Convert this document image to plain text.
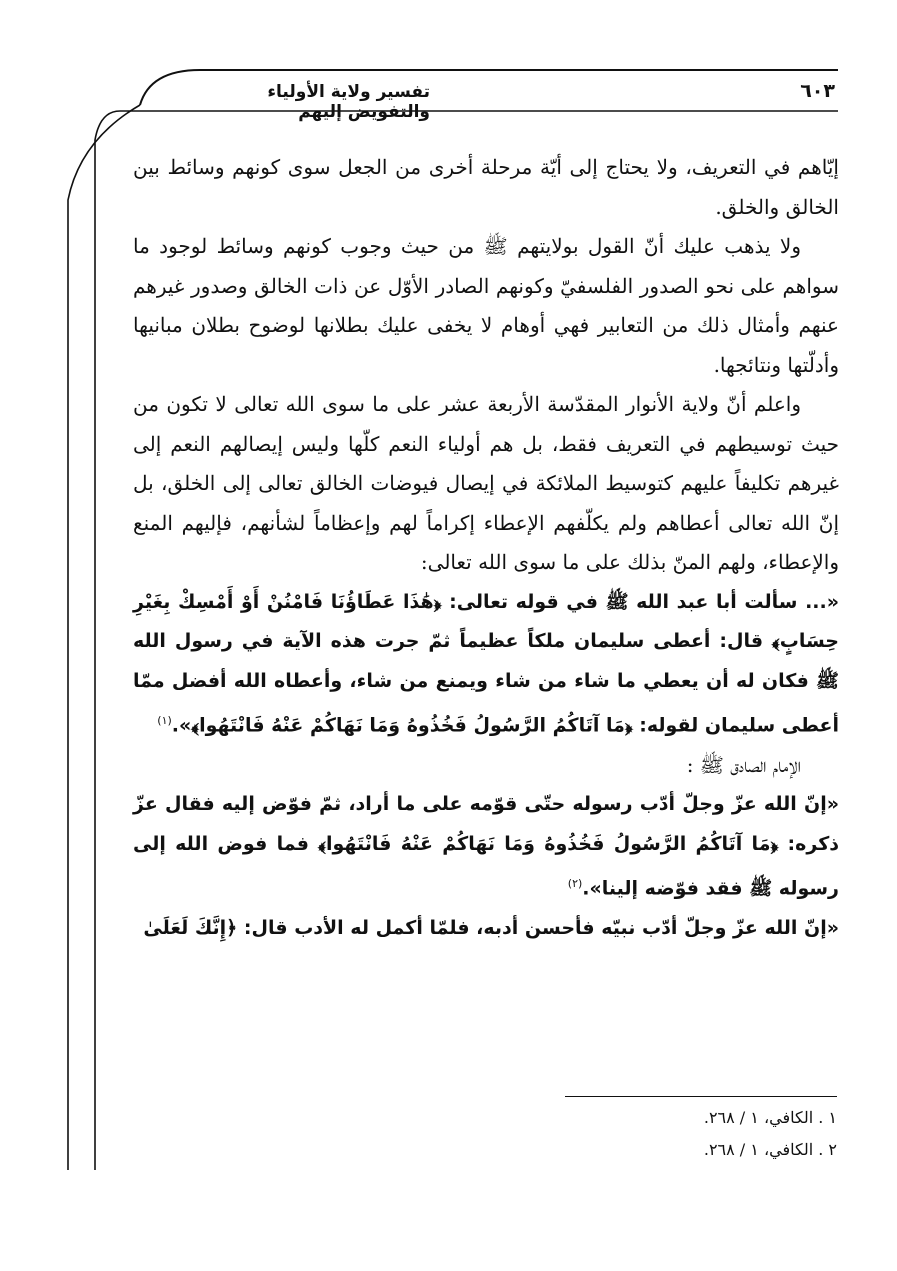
تفسير ولاية الأولياء والتفويض إليهم
٦٠٣

إيّاهم في التعريف، ولا يحتاج إلى أيّة مرحلة أخرى من الجعل سوى كونهم وسائط بين الخالق والخلق.

ولا يذهب عليك أنّ القول بولايتهم ﷺ من حيث وجوب كونهم وسائط لوجود ما سواهم على نحو الصدور الفلسفيّ وكونهم الصادر الأوّل عن ذات الخالق وصدور غيرهم عنهم وأمثال ذلك من التعابير فهي أوهام لا يخفى عليك بطلانها لوضوح بطلان مبانيها وأدلّتها ونتائجها.

واعلم أنّ ولاية الأنوار المقدّسة الأربعة عشر على ما سوى الله تعالى لا تكون من حيث توسيطهم في التعريف فقط، بل هم أولياء النعم كلّها وليس إيصالهم النعم إلى غيرهم تكليفاً عليهم كتوسيط الملائكة في إيصال فيوضات الخالق تعالى إلى الخلق، بل إنّ الله تعالى أعطاهم ولم يكلّفهم الإعطاء إكراماً لهم وإعظاماً لشأنهم، فإليهم المنع والإعطاء، ولهم المنّ بذلك على ما سوى الله تعالى:

«... سألت أبا عبد الله ﷺ في قوله تعالى: ﴿هَٰذَا عَطَاؤُنَا فَامْنُنْ أَوْ أَمْسِكْ بِغَيْرِ حِسَابٍ﴾ قال: أعطى سليمان ملكاً عظيماً ثمّ جرت هذه الآية في رسول الله ﷺ فكان له أن يعطي ما شاء من شاء ويمنع من شاء، وأعطاه الله أفضل ممّا أعطى سليمان لقوله: ﴿مَا آتَاكُمُ الرَّسُولُ فَخُذُوهُ وَمَا نَهَاكُمْ عَنْهُ فَانْتَهُوا﴾».$^{(١)}$

الإمام الصادق ﷺ :

«إنّ الله عزّ وجلّ أدّب رسوله حتّى قوّمه على ما أراد، ثمّ فوّض إليه فقال عزّ ذكره: ﴿مَا آتَاكُمُ الرَّسُولُ فَخُذُوهُ وَمَا نَهَاكُمْ عَنْهُ فَانْتَهُوا﴾ فما فوض الله إلى رسوله ﷺ فقد فوّضه إلينا».$^{(٢)}$

«إنّ الله عزّ وجلّ أدّب نبيّه فأحسن أدبه، فلمّا أكمل له الأدب قال: ﴿إِنَّكَ لَعَلَىٰ

١ . الكافي، ١ / ٢٦٨.
٢ . الكافي، ١ / ٢٦٨.
